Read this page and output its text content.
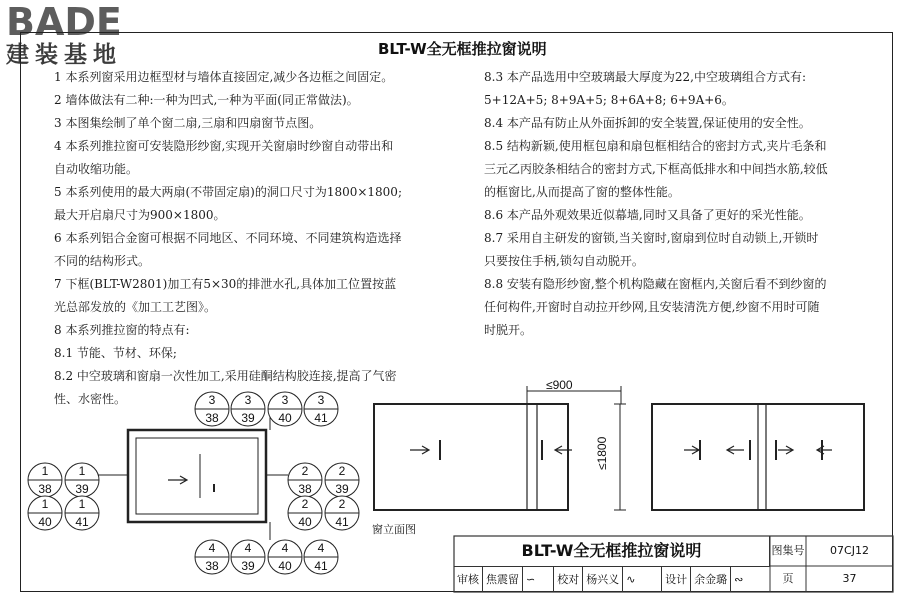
BADE
建装基地	BLT-W全无框推拉窗说明

1 本系列窗采用边框型材与墙体直接固定,减少各边框之间固定。

2 墙体做法有二种:一种为凹式,一种为平面(同正常做法)。

3 本图集绘制了单个窗二扇,三扇和四扇窗节点图。

4 本系列推拉窗可安装隐形纱窗,实现开关窗扇时纱窗自动带出和

自动收缩功能。

5 本系列使用的最大两扇(不带固定扇)的洞口尺寸为1800×1800;

最大开启扇尺寸为900×1800。

6 本系列铝合金窗可根据不同地区、不同环境、不同建筑构造选择

不同的结构形式。

7 下框(BLT-W2801)加工有5×30的排泄水孔,具体加工位置按蓝

光总部发放的《加工工艺图》。

8 本系列推拉窗的特点有:

8.1 节能、节材、环保;

8.2 中空玻璃和窗扇一次性加工,采用硅酮结构胶连接,提高了气密

性、水密性。

8.3 本产品选用中空玻璃最大厚度为22,中空玻璃组合方式有:

5+12A+5; 8+9A+5; 8+6A+8; 6+9A+6。

8.4 本产品有防止从外面拆卸的安全装置,保证使用的安全性。

8.5 结构新颖,使用框包扇和扇包框相结合的密封方式,夹片毛条和

三元乙丙胶条相结合的密封方式,下框高低排水和中间挡水筋,较低

的框窗比,从而提高了窗的整体性能。

8.6 本产品外观效果近似幕墙,同时又具备了更好的采光性能。

8.7 采用自主研发的窗锁,当关窗时,窗扇到位时自动锁上,开锁时

只要按住手柄,锁勾自动脱开。

8.8 安装有隐形纱窗,整个机构隐藏在窗框内,关窗后看不到纱窗的

任何构件,开窗时自动拉开纱网,且安装清洗方便,纱窗不用时可随

时脱开。

≤900
≤1800
窗立面图
3
38
3
39
3
40
3
41
1
38
1
39
1
40
1
41
2
38
2
39
2
40
2
41
4
38
4
39
4
40
4
41
BLT-W全无框推拉窗说明
审核 焦震留 ∽	校对 杨兴义 ∿	设计 余金璐 ∾
图集号	07CJ12
页	37
